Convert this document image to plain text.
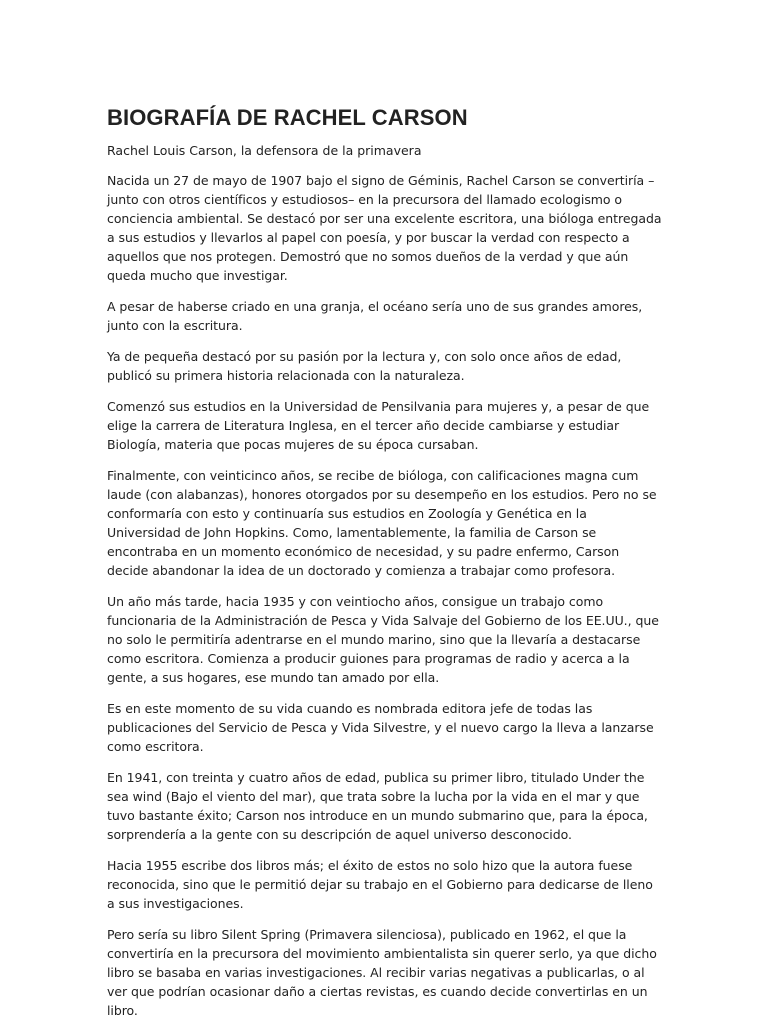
BIOGRAFÍA DE RACHEL CARSON

Rachel Louis Carson, la defensora de la primavera

Nacida un 27 de mayo de 1907 bajo el signo de Géminis, Rachel Carson se convertiría –junto con otros científicos y estudiosos– en la precursora del llamado ecologismo o conciencia ambiental. Se destacó por ser una excelente escritora, una bióloga entregada a sus estudios y llevarlos al papel con poesía, y por buscar la verdad con respecto a aquellos que nos protegen. Demostró que no somos dueños de la verdad y que aún queda mucho que investigar.

A pesar de haberse criado en una granja, el océano sería uno de sus grandes amores, junto con la escritura.

Ya de pequeña destacó por su pasión por la lectura y, con solo once años de edad, publicó su primera historia relacionada con la naturaleza.

Comenzó sus estudios en la Universidad de Pensilvania para mujeres y, a pesar de que elige la carrera de Literatura Inglesa, en el tercer año decide cambiarse y estudiar Biología, materia que pocas mujeres de su época cursaban.

Finalmente, con veinticinco años, se recibe de bióloga, con calificaciones magna cum laude (con alabanzas), honores otorgados por su desempeño en los estudios. Pero no se conformaría con esto y continuaría sus estudios en Zoología y Genética en la Universidad de John Hopkins. Como, lamentablemente, la familia de Carson se encontraba en un momento económico de necesidad, y su padre enfermo, Carson decide abandonar la idea de un doctorado y comienza a trabajar como profesora.

Un año más tarde, hacia 1935 y con veintiocho años, consigue un trabajo como funcionaria de la Administración de Pesca y Vida Salvaje del Gobierno de los EE.UU., que no solo le permitiría adentrarse en el mundo marino, sino que la llevaría a destacarse como escritora. Comienza a producir guiones para programas de radio y acerca a la gente, a sus hogares, ese mundo tan amado por ella.

Es en este momento de su vida cuando es nombrada editora jefe de todas las publicaciones del Servicio de Pesca y Vida Silvestre, y el nuevo cargo la lleva a lanzarse como escritora.

En 1941, con treinta y cuatro años de edad, publica su primer libro, titulado Under the sea wind (Bajo el viento del mar), que trata sobre la lucha por la vida en el mar y que tuvo bastante éxito; Carson nos introduce en un mundo submarino que, para la época, sorprendería a la gente con su descripción de aquel universo desconocido.

Hacia 1955 escribe dos libros más; el éxito de estos no solo hizo que la autora fuese reconocida, sino que le permitió dejar su trabajo en el Gobierno para dedicarse de lleno a sus investigaciones.

Pero sería su libro Silent Spring (Primavera silenciosa), publicado en 1962, el que la convertiría en la precursora del movimiento ambientalista sin querer serlo, ya que dicho libro se basaba en varias investigaciones. Al recibir varias negativas a publicarlas, o al ver que podrían ocasionar daño a ciertas revistas, es cuando decide convertirlas en un libro.
